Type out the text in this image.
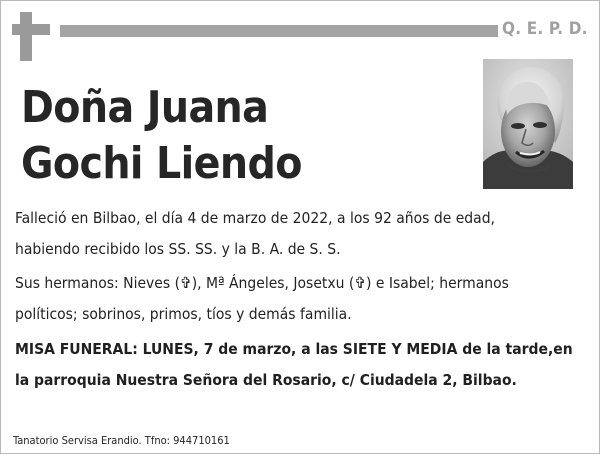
Q. E. P. D.
Doña Juana
Gochi Liendo

Falleció en Bilbao, el día 4 de marzo de 2022, a los 92 años de edad,
habiendo recibido los SS. SS. y la B. A. de S. S.

Sus hermanos: Nieves (✞), Mª Ángeles, Josetxu (✞) e Isabel; hermanos
políticos; sobrinos, primos, tíos y demás familia.

MISA FUNERAL: LUNES, 7 de marzo, a las SIETE Y MEDIA de la tarde,en
la parroquia Nuestra Señora del Rosario, c/ Ciudadela 2, Bilbao.

Tanatorio Servisa Erandio. Tfno: 944710161
